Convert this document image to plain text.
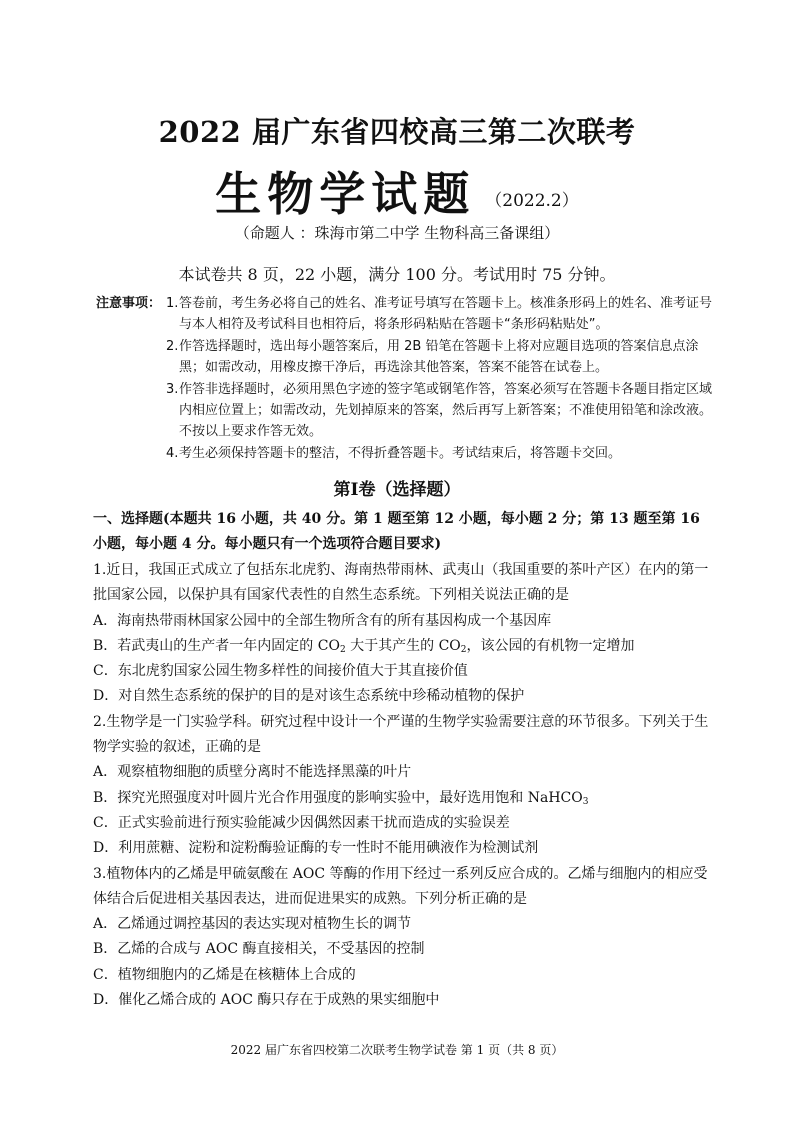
2022 届广东省四校高三第二次联考
生物学试题 （2022.2）
（命题人 ：珠海市第二中学 生物科高三备课组）
本试卷共 8 页，22 小题，满分 100 分。考试用时 75 分钟。
注意事项： 1. 答卷前，考生务必将自己的姓名、准考证号填写在答题卡上。核准条形码上的姓名、准考证号与本人相符及考试科目也相符后，将条形码粘贴在答题卡“条形码粘贴处”。
2. 作答选择题时，选出每小题答案后，用 2B 铅笔在答题卡上将对应题目选项的答案信息点涂黑；如需改动，用橡皮擦干净后，再选涂其他答案，答案不能答在试卷上。
3. 作答非选择题时，必须用黑色字迹的签字笔或钢笔作答，答案必须写在答题卡各题目指定区域内相应位置上；如需改动，先划掉原来的答案，然后再写上新答案；不准使用铅笔和涂改液。不按以上要求作答无效。
4. 考生必须保持答题卡的整洁，不得折叠答题卡。考试结束后，将答题卡交回。
第Ⅰ卷（选择题）
一、选择题(本题共 16 小题，共 40 分。第 1 题至第 12 小题，每小题 2 分；第 13 题至第 16 小题，每小题 4 分。每小题只有一个选项符合题目要求)
1.近日，我国正式成立了包括东北虎豹、海南热带雨林、武夷山（我国重要的茶叶产区）在内的第一批国家公园，以保护具有国家代表性的自然生态系统。下列相关说法正确的是
A．海南热带雨林国家公园中的全部生物所含有的所有基因构成一个基因库
B．若武夷山的生产者一年内固定的 $CO_2$ 大于其产生的 $CO_2$，该公园的有机物一定增加
C．东北虎豹国家公园生物多样性的间接价值大于其直接价值
D．对自然生态系统的保护的目的是对该生态系统中珍稀动植物的保护
2.生物学是一门实验学科。研究过程中设计一个严谨的生物学实验需要注意的环节很多。下列关于生物学实验的叙述，正确的是
A．观察植物细胞的质壁分离时不能选择黑藻的叶片
B．探究光照强度对叶圆片光合作用强度的影响实验中，最好选用饱和 NaHCO$_3$
C．正式实验前进行预实验能减少因偶然因素干扰而造成的实验误差
D．利用蔗糖、淀粉和淀粉酶验证酶的专一性时不能用碘液作为检测试剂
3.植物体内的乙烯是甲硫氨酸在 AOC 等酶的作用下经过一系列反应合成的。乙烯与细胞内的相应受体结合后促进相关基因表达，进而促进果实的成熟。下列分析正确的是
A．乙烯通过调控基因的表达实现对植物生长的调节
B．乙烯的合成与 AOC 酶直接相关，不受基因的控制
C．植物细胞内的乙烯是在核糖体上合成的
D．催化乙烯合成的 AOC 酶只存在于成熟的果实细胞中
2022 届广东省四校第二次联考生物学试卷 第 1 页（共 8 页）
